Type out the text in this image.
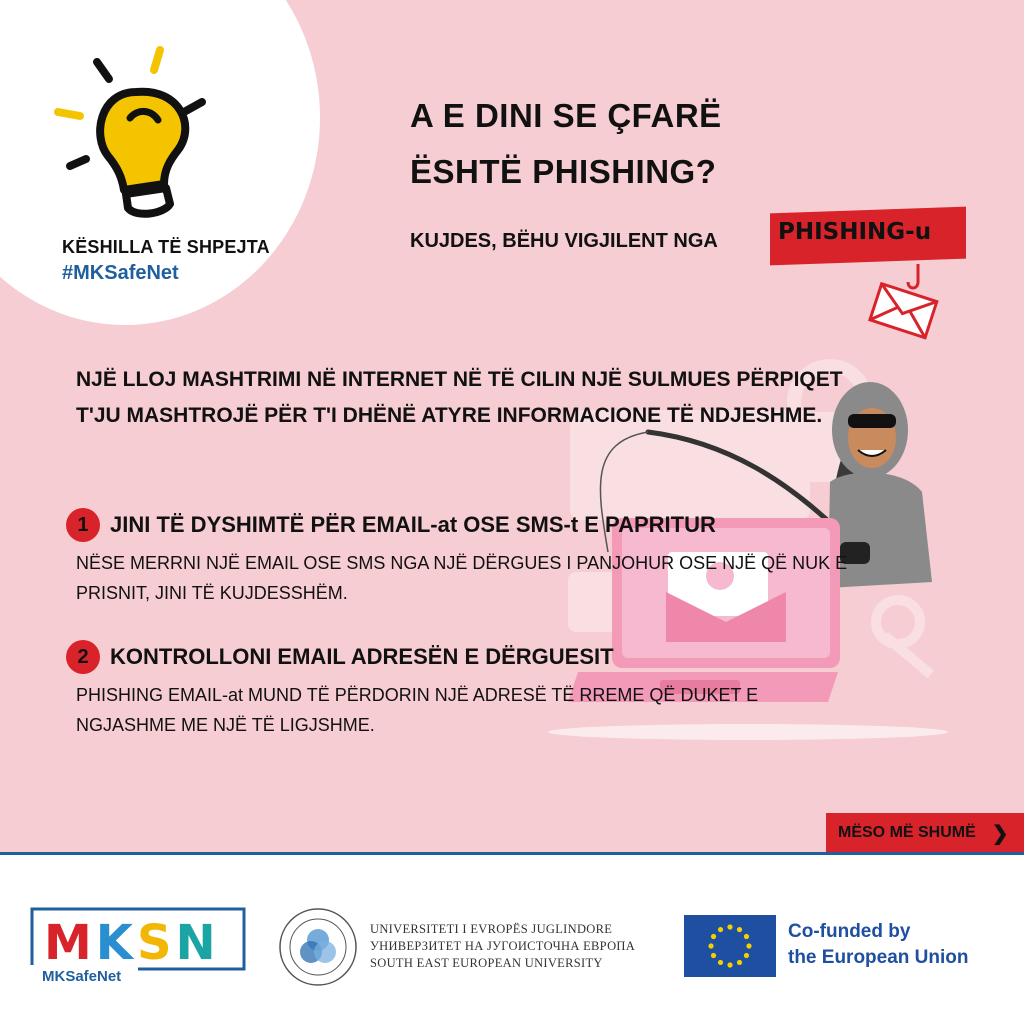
KËSHILLA TË SHPEJTA
#MKSafeNet
A E DINI SE ÇFARË
ËSHTË PHISHING?
KUJDES, BËHU VIGJILENT NGA	PHISHING-u
NJË LLOJ MASHTRIMI NË INTERNET NË TË CILIN NJË SULMUES PËRPIQET T'JU MASHTROJË PËR T'I DHËNË ATYRE INFORMACIONE TË NDJESHME.
1 JINI TË DYSHIMTË PËR EMAIL-at OSE SMS-t E PAPRITUR
NËSE MERRNI NJË EMAIL OSE SMS NGA NJË DËRGUES I PANJOHUR OSE NJË QË NUK E PRISNIT, JINI TË KUJDESSHËM.
2 KONTROLLONI EMAIL ADRESËN E DËRGUESIT
PHISHING EMAIL-at MUND TË PËRDORIN NJË ADRESË TË RREME QË DUKET E NGJASHME ME NJË TË LIGJSHME.
MËSO MË SHUMË ❯
MKSN
MKSafeNet
UNIVERSITETI I EVROPËS JUGLINDORE
УНИВЕРЗИТЕТ НА ЈУГОИСТОЧНА ЕВРОПА
SOUTH EAST EUROPEAN UNIVERSITY
Co-funded by
the European Union
